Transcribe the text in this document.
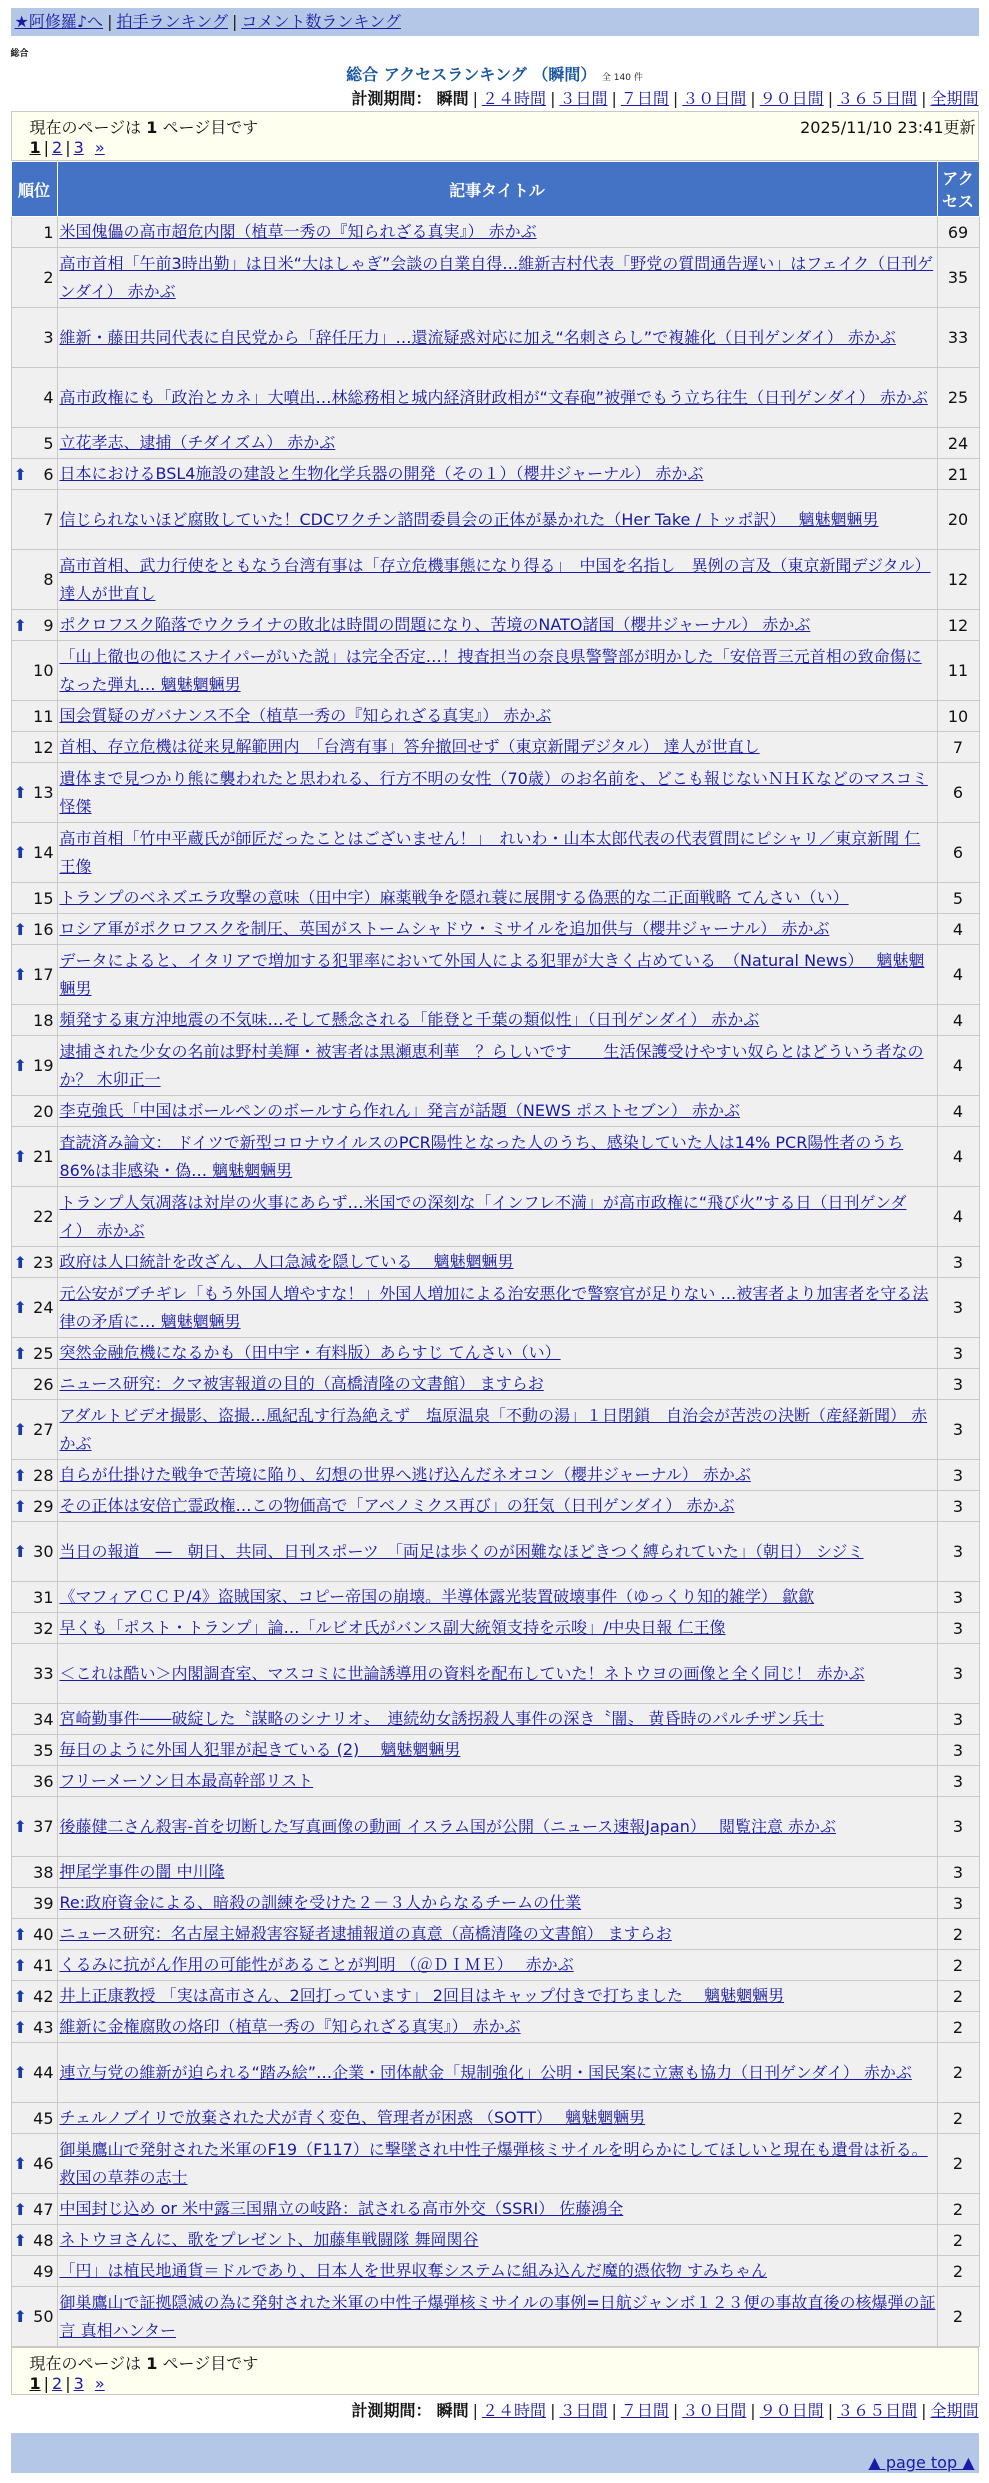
★阿修羅♪へ | 拍手ランキング | コメント数ランキング
総合
総合 アクセスランキング （瞬間） 全 140 件
計測期間： 瞬間 | ２４時間 | ３日間 | ７日間 | ３０日間 | ９０日間 | ３６５日間 | 全期間
現在のページは 1 ページ目です	2025/11/10 23:41更新
1 | 2 | 3 »
順位	記事タイトル	アクセス
1	米国傀儡の高市超危内閣（植草一秀の『知られざる真実』） 赤かぶ	69
2	高市首相「午前3時出勤」は日米“大はしゃぎ”会談の自業自得…維新吉村代表「野党の質問通告遅い」はフェイク（日刊ゲンダイ） 赤かぶ	35
3	維新・藤田共同代表に自民党から「辞任圧力」…還流疑惑対応に加え“名刺さらし”で複雑化（日刊ゲンダイ） 赤かぶ	33
4	高市政権にも「政治とカネ」大噴出…林総務相と城内経済財政相が“文春砲”被弾でもう立ち往生（日刊ゲンダイ） 赤かぶ	25
5	立花孝志、逮捕（チダイズム） 赤かぶ	24

⬆ 6	日本におけるBSL4施設の建設と生物化学兵器の開発（その１）（櫻井ジャーナル） 赤かぶ	21
7	信じられないほど腐敗していた！CDCワクチン諮問委員会の正体が暴かれた（Her Take / トッポ訳）　 魑魅魍魎男	20
8	高市首相、武力行使をともなう台湾有事は「存立危機事態になり得る」　中国を名指し　異例の言及（東京新聞デジタル） 達人が世直し	12

⬆ 9	ポクロフスク陥落でウクライナの敗北は時間の問題になり、苦境のNATO諸国（櫻井ジャーナル） 赤かぶ	12
10	「山上徹也の他にスナイパーがいた説」は完全否定…！捜査担当の奈良県警警部が明かした「安倍晋三元首相の致命傷になった弾丸… 魑魅魍魎男	11
11	国会質疑のガバナンス不全（植草一秀の『知られざる真実』） 赤かぶ	10
12	首相、存立危機は従来見解範囲内　「台湾有事」答弁撤回せず（東京新聞デジタル） 達人が世直し	7

⬆ 13	遺体まで見つかり熊に襲われたと思われる、行方不明の女性（70歳）のお名前を、どこも報じないＮＨＫなどのマスコミ怪傑	6

⬆ 14	高市首相「竹中平蔵氏が師匠だったことはございません！」　れいわ・山本太郎代表の代表質問にピシャリ／東京新聞 仁王像	6
15	トランプのベネズエラ攻撃の意味（田中宇）麻薬戦争を隠れ蓑に展開する偽悪的な二正面戦略 てんさい（い）	5

⬆ 16	ロシア軍がポクロフスクを制圧、英国がストームシャドウ・ミサイルを追加供与（櫻井ジャーナル） 赤かぶ	4

⬆ 17	データによると、イタリアで増加する犯罪率において外国人による犯罪が大きく占めている　（Natural News）　 魑魅魍魎男	4
18	頻発する東方沖地震の不気味…そして懸念される「能登と千葉の類似性」（日刊ゲンダイ） 赤かぶ	4

⬆ 19	逮捕された少女の名前は野村美輝・被害者は黒瀬恵利華　？らしいです　　生活保護受けやすい奴らとはどういう者なのか？ 木卯正一	4
20	李克強氏「中国はボールペンのボールすら作れん」発言が話題（NEWS ポストセブン） 赤かぶ	4

⬆ 21	査読済み論文： ドイツで新型コロナウイルスのPCR陽性となった人のうち、感染していた人は14% PCR陽性者のうち86%は非感染・偽… 魑魅魍魎男	4
22	トランプ人気凋落は対岸の火事にあらず…米国での深刻な「インフレ不満」が高市政権に“飛び火”する日（日刊ゲンダイ） 赤かぶ	4

⬆ 23	政府は人口統計を改ざん、人口急減を隠している　 魑魅魍魎男	3

⬆ 24	元公安がブチギレ「もう外国人増やすな！」外国人増加による治安悪化で警察官が足りない …被害者より加害者を守る法律の矛盾に… 魑魅魍魎男	3

⬆ 25	突然金融危機になるかも（田中宇・有料版）あらすじ てんさい（い）	3
26	ニュース研究：クマ被害報道の目的（高橋清隆の文書館） ますらお	3

⬆ 27	アダルトビデオ撮影、盗撮…風紀乱す行為絶えず　塩原温泉「不動の湯」１日閉鎖　自治会が苦渋の決断（産経新聞） 赤かぶ	3

⬆ 28	自らが仕掛けた戦争で苦境に陥り、幻想の世界へ逃げ込んだネオコン（櫻井ジャーナル） 赤かぶ	3

⬆ 29	その正体は安倍亡霊政権…この物価高で「アベノミクス再び」の狂気（日刊ゲンダイ） 赤かぶ	3

⬆ 30	当日の報道　―　朝日、共同、日刊スポーツ　「両足は歩くのが困難なほどきつく縛られていた」（朝日） シジミ	3
31	《マフィアＣＣＰ/4》盗賊国家、コピー帝国の崩壊。半導体露光装置破壊事件（ゆっくり知的雑学） 歙歙	3
32	早くも「ポスト・トランプ」論…「ルビオ氏がバンス副大統領支持を示唆」/中央日報 仁王像	3
33	＜これは酷い＞内閣調査室、マスコミに世論誘導用の資料を配布していた！ネトウヨの画像と全く同じ！ 赤かぶ	3
34	宮崎勤事件――破綻した〝謀略のシナリオ〟　連続幼女誘拐殺人事件の深き〝闇〟 黄昏時のパルチザン兵士	3
35	毎日のように外国人犯罪が起きている (2)　 魑魅魍魎男	3
36	フリーメーソン日本最高幹部リスト	3

⬆ 37	後藤健二さん殺害-首を切断した写真画像の動画 イスラム国が公開（ニュース速報Japan）　 閲覧注意 赤かぶ	3
38	押尾学事件の闇 中川隆	3
39	Re:政府資金による、暗殺の訓練を受けた２－３人からなるチームの仕業	3

⬆ 40	ニュース研究：名古屋主婦殺害容疑者逮捕報道の真意（高橋清隆の文書館） ますらお	2

⬆ 41	くるみに抗がん作用の可能性があることが判明 （＠ＤＩＭＥ）　 赤かぶ	2

⬆ 42	井上正康教授 「実は高市さん、2回打っています」 2回目はキャップ付きで打ちました　 魑魅魍魎男	2

⬆ 43	維新に金権腐敗の烙印（植草一秀の『知られざる真実』） 赤かぶ	2

⬆ 44	連立与党の維新が迫られる“踏み絵”…企業・団体献金「規制強化」公明・国民案に立憲も協力（日刊ゲンダイ） 赤かぶ	2
45	チェルノブイリで放棄された犬が青く変色、管理者が困惑 （SOTT）　 魑魅魍魎男	2

⬆ 46	御巣鷹山で発射された米軍のF19（F117）に撃墜され中性子爆弾核ミサイルを明らかにしてほしいと現在も遺骨は祈る。救国の草莽の志士	2

⬆ 47	中国封じ込め or 米中露三国鼎立の岐路：試される高市外交（SSRI） 佐藤鴻全	2

⬆ 48	ネトウヨさんに、歌をプレゼント、加藤隼戦闘隊 舞岡関谷	2
49	「円」は植民地通貨＝ドルであり、日本人を世界収奪システムに組み込んだ魔的憑依物 すみちゃん	2

⬆ 50	御巣鷹山で証拠隠滅の為に発射された米軍の中性子爆弾核ミサイルの事例=日航ジャンボ１２３便の事故直後の核爆弾の証言 真相ハンター	2
現在のページは 1 ページ目です
1 | 2 | 3 »
計測期間： 瞬間 | ２４時間 | ３日間 | ７日間 | ３０日間 | ９０日間 | ３６５日間 | 全期間
▲ page top ▲
